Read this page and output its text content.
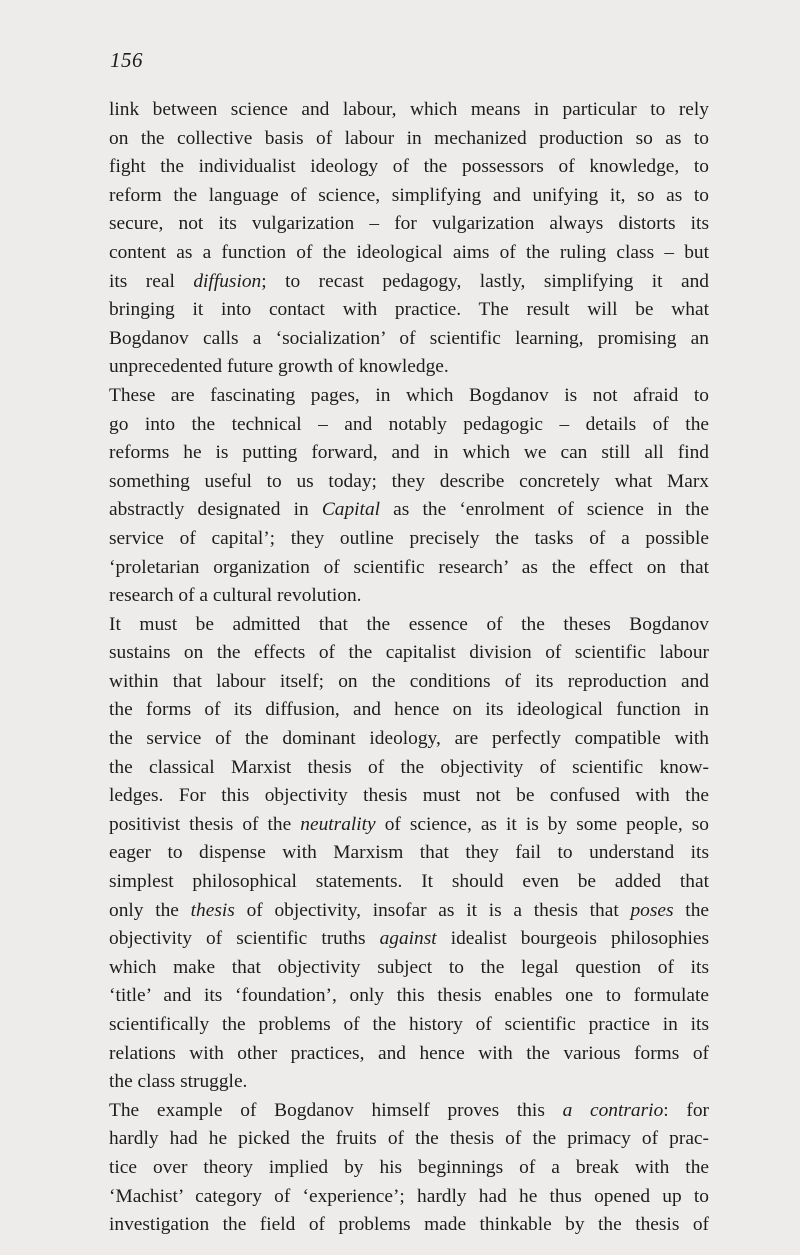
156
link between science and labour, which means in particular to rely
on the collective basis of labour in mechanized production so as to
fight the individualist ideology of the possessors of knowledge, to
reform the language of science, simplifying and unifying it, so as to
secure, not its vulgarization – for vulgarization always distorts its
content as a function of the ideological aims of the ruling class – but
its real diffusion; to recast pedagogy, lastly, simplifying it and
bringing it into contact with practice. The result will be what
Bogdanov calls a ‘socialization’ of scientific learning, promising an
unprecedented future growth of knowledge.
These are fascinating pages, in which Bogdanov is not afraid to
go into the technical – and notably pedagogic – details of the
reforms he is putting forward, and in which we can still all find
something useful to us today; they describe concretely what Marx
abstractly designated in Capital as the ‘enrolment of science in the
service of capital’; they outline precisely the tasks of a possible
‘proletarian organization of scientific research’ as the effect on that
research of a cultural revolution.
It must be admitted that the essence of the theses Bogdanov
sustains on the effects of the capitalist division of scientific labour
within that labour itself; on the conditions of its reproduction and
the forms of its diffusion, and hence on its ideological function in
the service of the dominant ideology, are perfectly compatible with
the classical Marxist thesis of the objectivity of scientific know-
ledges. For this objectivity thesis must not be confused with the
positivist thesis of the neutrality of science, as it is by some people, so
eager to dispense with Marxism that they fail to understand its
simplest philosophical statements. It should even be added that
only the thesis of objectivity, insofar as it is a thesis that poses the
objectivity of scientific truths against idealist bourgeois philosophies
which make that objectivity subject to the legal question of its
‘title’ and its ‘foundation’, only this thesis enables one to formulate
scientifically the problems of the history of scientific practice in its
relations with other practices, and hence with the various forms of
the class struggle.
The example of Bogdanov himself proves this a contrario: for
hardly had he picked the fruits of the thesis of the primacy of prac-
tice over theory implied by his beginnings of a break with the
‘Machist’ category of ‘experience’; hardly had he thus opened up to
investigation the field of problems made thinkable by the thesis of
